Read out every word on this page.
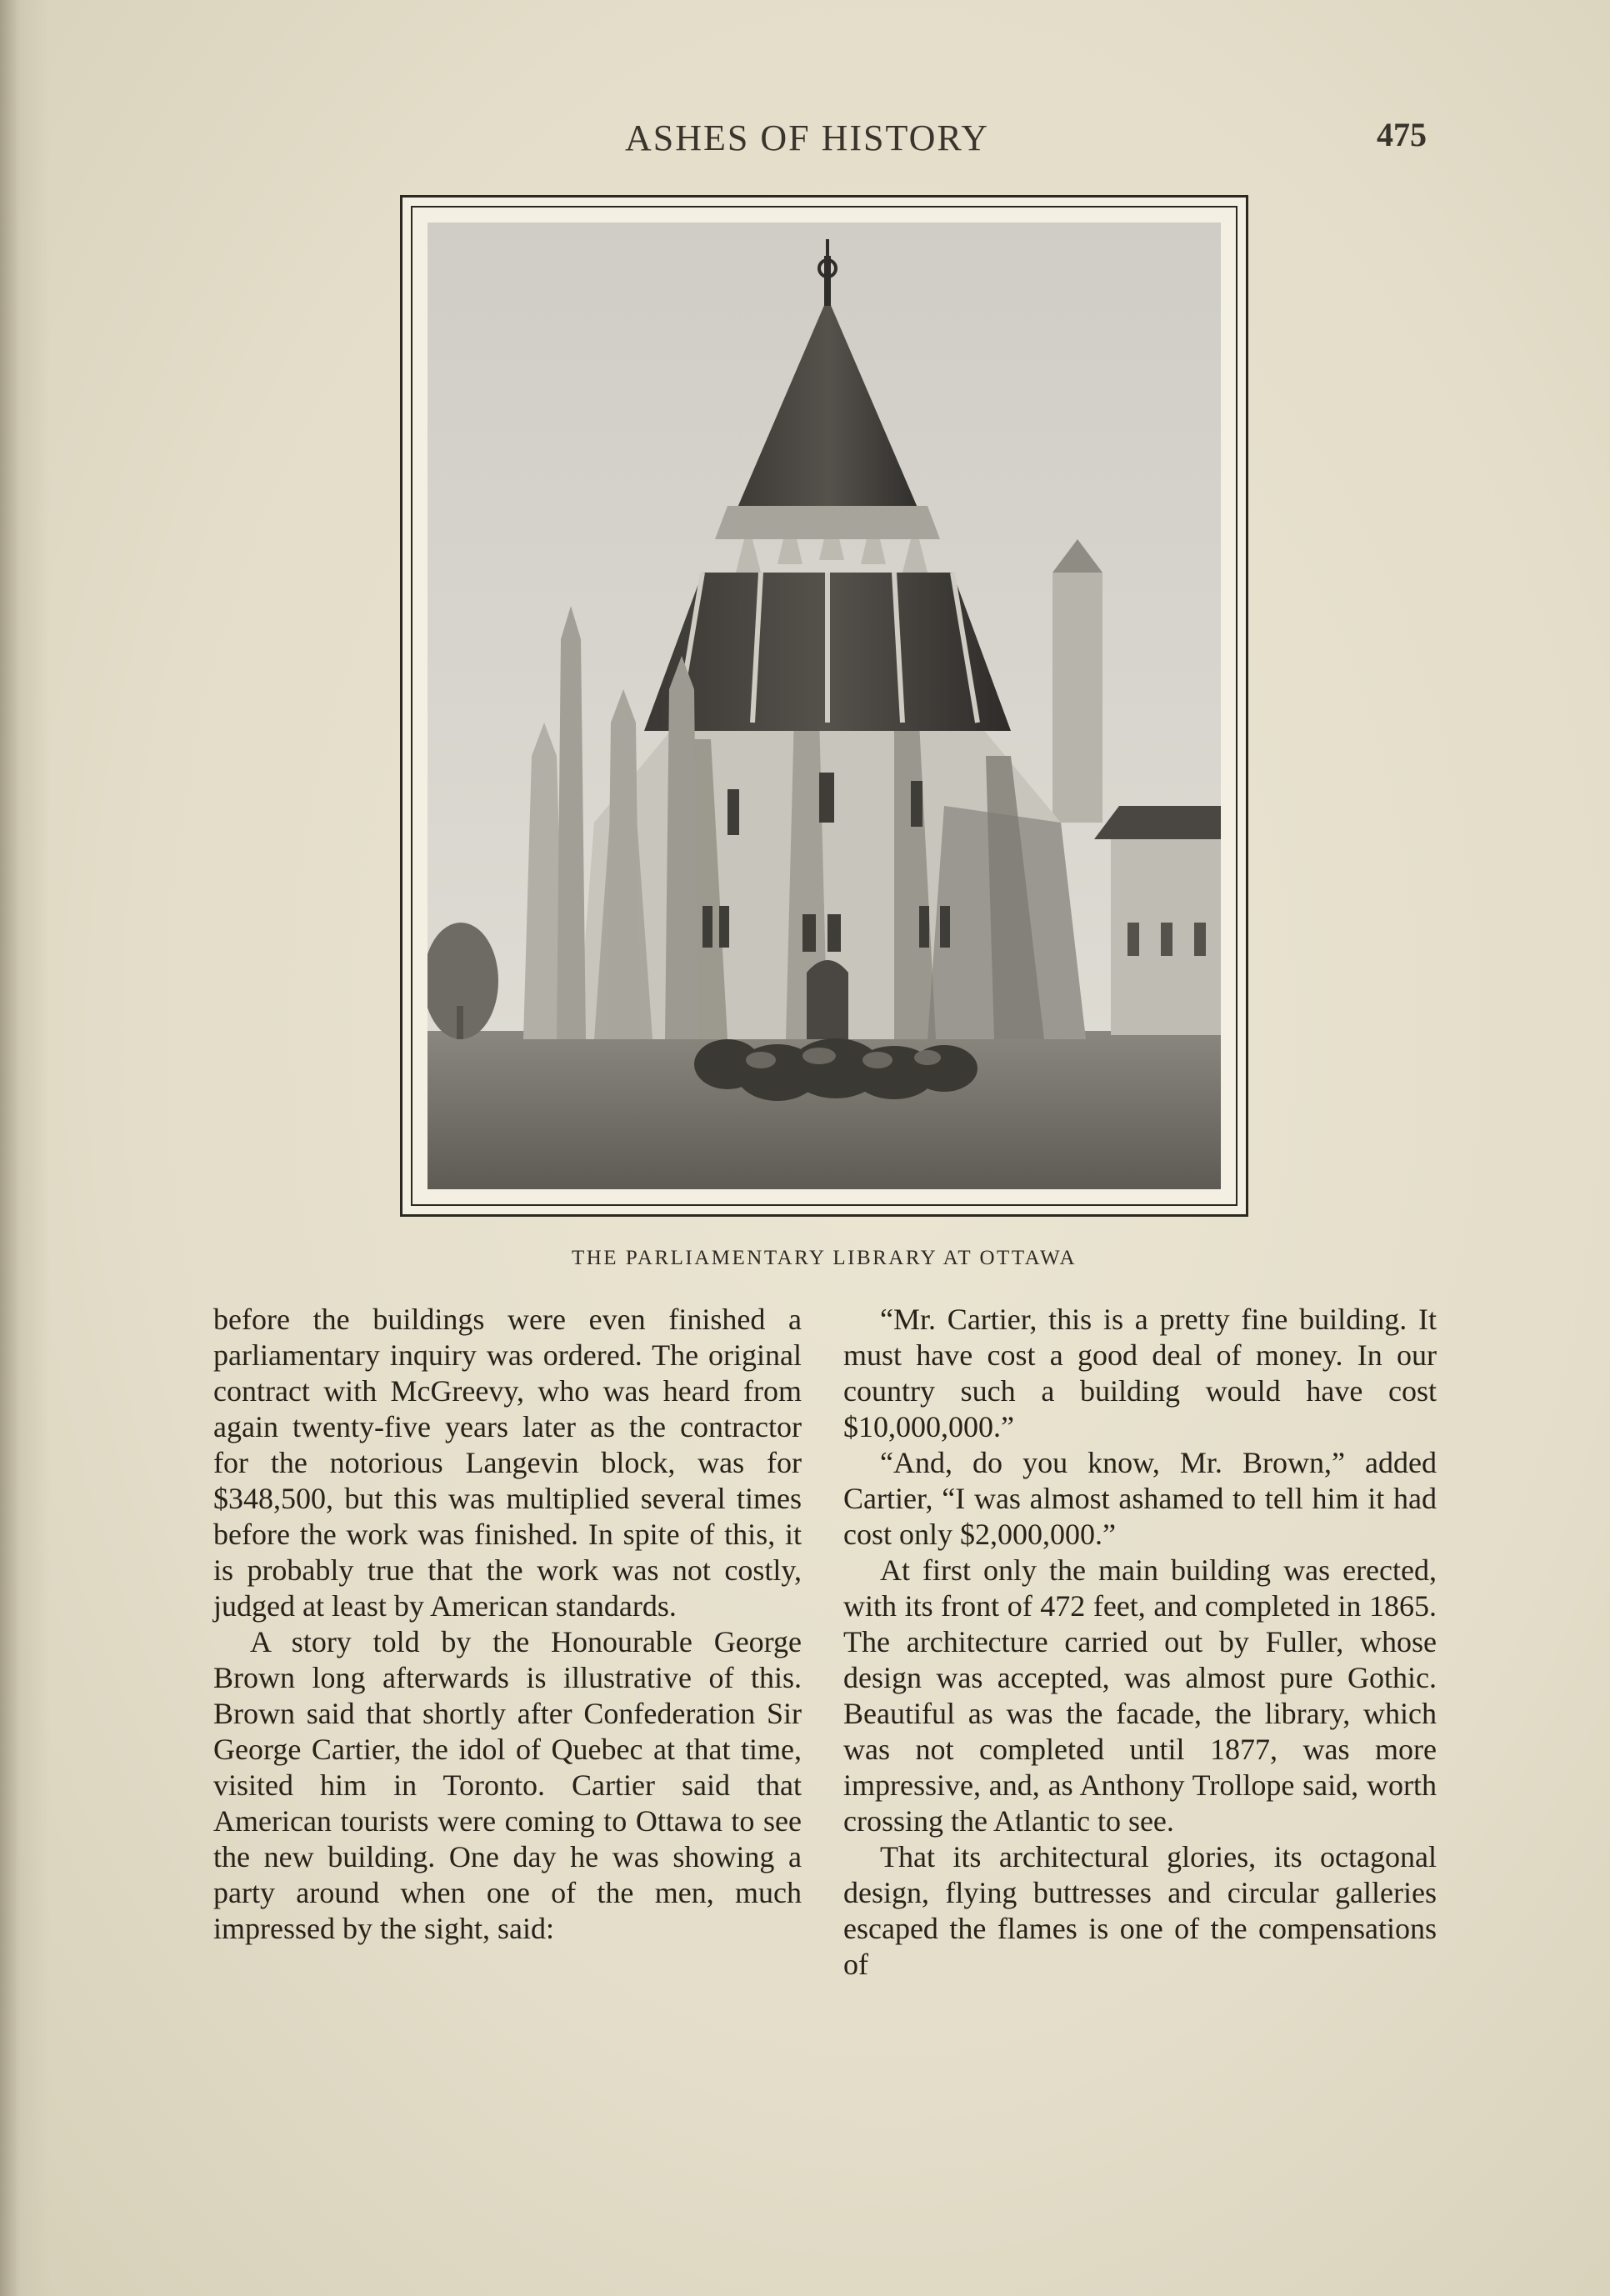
ASHES OF HISTORY	475
THE PARLIAMENTARY LIBRARY AT OTTAWA

before the buildings were even finished a parliamentary inquiry was ordered. The original contract with McGreevy, who was heard from again twenty-five years later as the contractor for the notorious Langevin block, was for $348,500, but this was multiplied several times before the work was finished. In spite of this, it is probably true that the work was not costly, judged at least by American standards.

A story told by the Honourable George Brown long afterwards is illustrative of this. Brown said that shortly after Confederation Sir George Cartier, the idol of Quebec at that time, visited him in Toronto. Cartier said that American tourists were coming to Ottawa to see the new building. One day he was showing a party around when one of the men, much impressed by the sight, said:

“Mr. Cartier, this is a pretty fine building. It must have cost a good deal of money. In our country such a building would have cost $10,000,000.”

“And, do you know, Mr. Brown,” added Cartier, “I was almost ashamed to tell him it had cost only $2,000,000.”

At first only the main building was erected, with its front of 472 feet, and completed in 1865. The architecture carried out by Fuller, whose design was accepted, was almost pure Gothic. Beautiful as was the facade, the library, which was not completed until 1877, was more impressive, and, as Anthony Trollope said, worth crossing the Atlantic to see.

That its architectural glories, its octagonal design, flying buttresses and circular galleries escaped the flames is one of the compensations of
